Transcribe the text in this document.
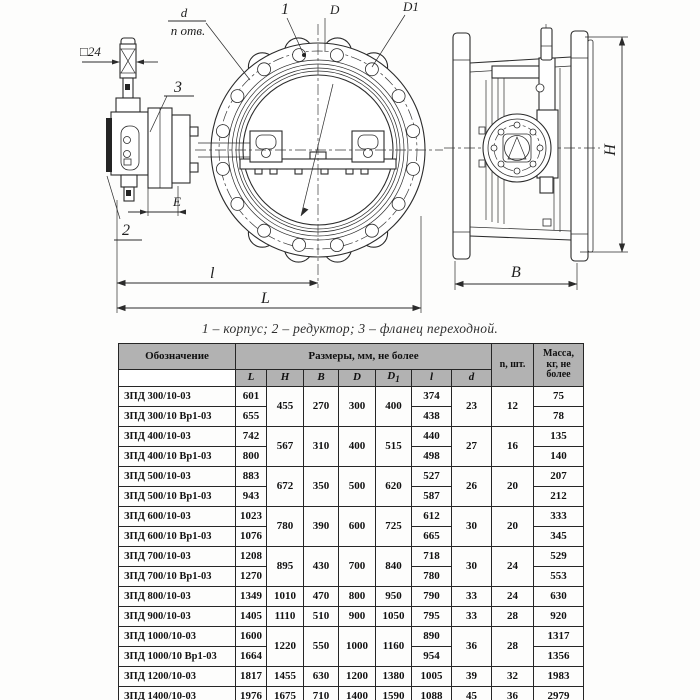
□24
d
n отв.
1	D	D1
3
2
E
l
L
H
B
1 – корпус; 2 – редуктор; 3 – фланец переходной.
Обозначение	Размеры, мм, не более							n, шт.	Масса, кг, не более
	L	H	B	D	$D_1$	l	d		
ЗПД 300/10-03	601	455	270	300	400	374	23	12	75
ЗПД 300/10 Вр1-03	655					438			78
ЗПД 400/10-03	742	567	310	400	515	440	27	16	135
ЗПД 400/10 Вр1-03	800					498			140
ЗПД 500/10-03	883	672	350	500	620	527	26	20	207
ЗПД 500/10 Вр1-03	943					587			212
ЗПД 600/10-03	1023	780	390	600	725	612	30	20	333
ЗПД 600/10 Вр1-03	1076					665			345
ЗПД 700/10-03	1208	895	430	700	840	718	30	24	529
ЗПД 700/10 Вр1-03	1270					780			553
ЗПД 800/10-03	1349	1010	470	800	950	790	33	24	630
ЗПД 900/10-03	1405	1110	510	900	1050	795	33	28	920
ЗПД 1000/10-03	1600	1220	550	1000	1160	890	36	28	1317
ЗПД 1000/10 Вр1-03	1664					954			1356
ЗПД 1200/10-03	1817	1455	630	1200	1380	1005	39	32	1983
ЗПД 1400/10-03	1976	1675	710	1400	1590	1088	45	36	2979
